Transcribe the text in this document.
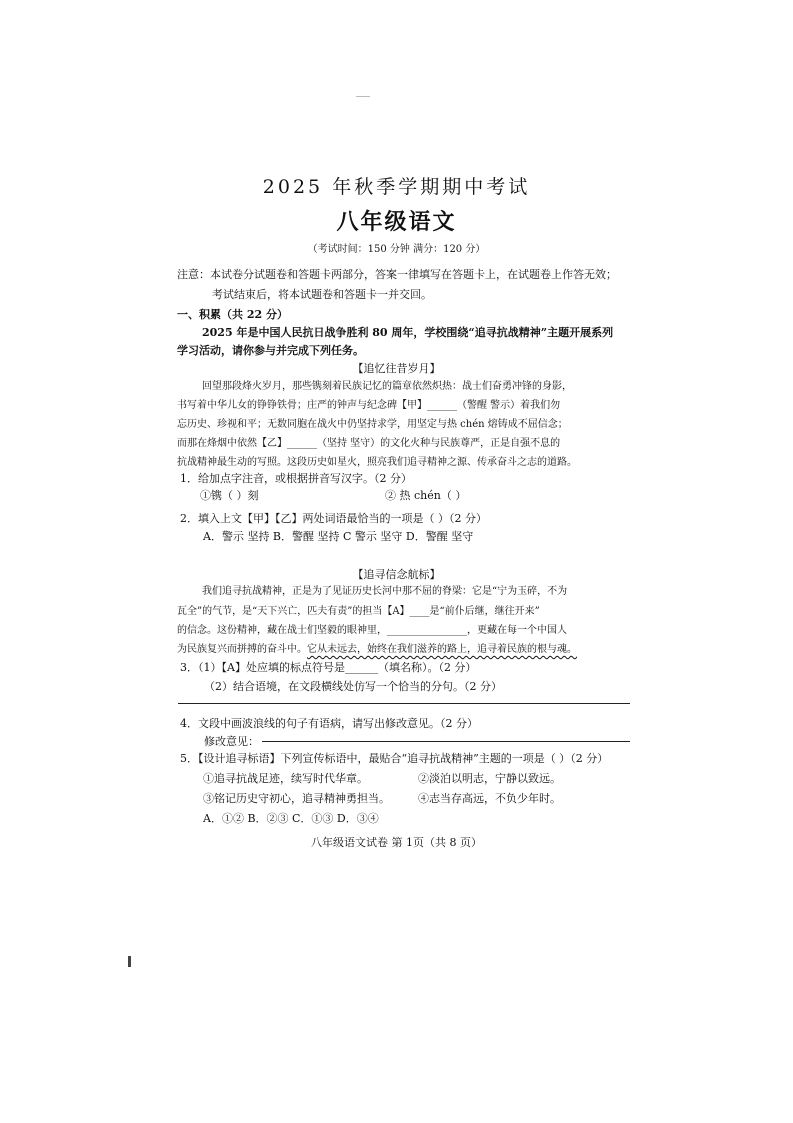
2025 年秋季学期期中考试
八年级语文
（考试时间：150 分钟 满分：120 分）
注意：本试卷分试题卷和答题卡两部分，答案一律填写在答题卡上，在试题卷上作答无效；
考试结束后，将本试题卷和答题卡一并交回。
一、积累（共 22 分）
2025 年是中国人民抗日战争胜利 80 周年，学校围绕“追寻抗战精神”主题开展系列
学习活动，请你参与并完成下列任务。
【追忆往昔岁月】
回望那段烽火岁月，那些镌刻着民族记忆的篇章依然炽热：战士们奋勇冲锋的身影，
书写着中华儿女的铮铮铁骨；庄严的钟声与纪念碑【甲】______（警醒 警示）着我们勿
忘历史、珍视和平；无数同胞在战火中仍坚持求学，用坚定与热 chén 熔铸成不屈信念；
而那在烽烟中依然【乙】______（坚持 坚守）的文化火种与民族尊严，正是自强不息的
抗战精神最生动的写照。这段历史如星火，照亮我们追寻精神之源、传承奋斗之志的道路。
1．给加点字注音，或根据拼音写汉字。（2 分）
①镌（ ）刻	② 热 chén（ ）
2．填入上文【甲】【乙】两处词语最恰当的一项是（ ）（2 分）
A．警示 坚持 B．警醒 坚持 C 警示 坚守 D．警醒 坚守
【追寻信念航标】
我们追寻抗战精神，正是为了见证历史长河中那不屈的脊梁：它是“宁为玉碎，不为
瓦全”的气节，是“天下兴亡，匹夫有责”的担当【A】____是“前仆后继，继往开来”
的信念。这份精神，藏在战士们坚毅的眼神里，________________，更藏在每一个中国人
为民族复兴而拼搏的奋斗中。它从未远去，始终在我们滋养的路上，追寻着民族的根与魂。
3．（1）【A】处应填的标点符号是______（填名称）。（2 分）
（2）结合语境，在文段横线处仿写一个恰当的分句。（2 分）
4．文段中画波浪线的句子有语病，请写出修改意见。（2 分）
修改意见：
5．【设计追寻标语】下列宣传标语中，最贴合“追寻抗战精神”主题的一项是（ ）（2 分）
①追寻抗战足迹，续写时代华章。	②淡泊以明志，宁静以致远。
③铭记历史守初心，追寻精神勇担当。	④志当存高远，不负少年时。
A．①② B．②③ C．①③ D．③④
八年级语文试卷 第 1页（共 8 页）
